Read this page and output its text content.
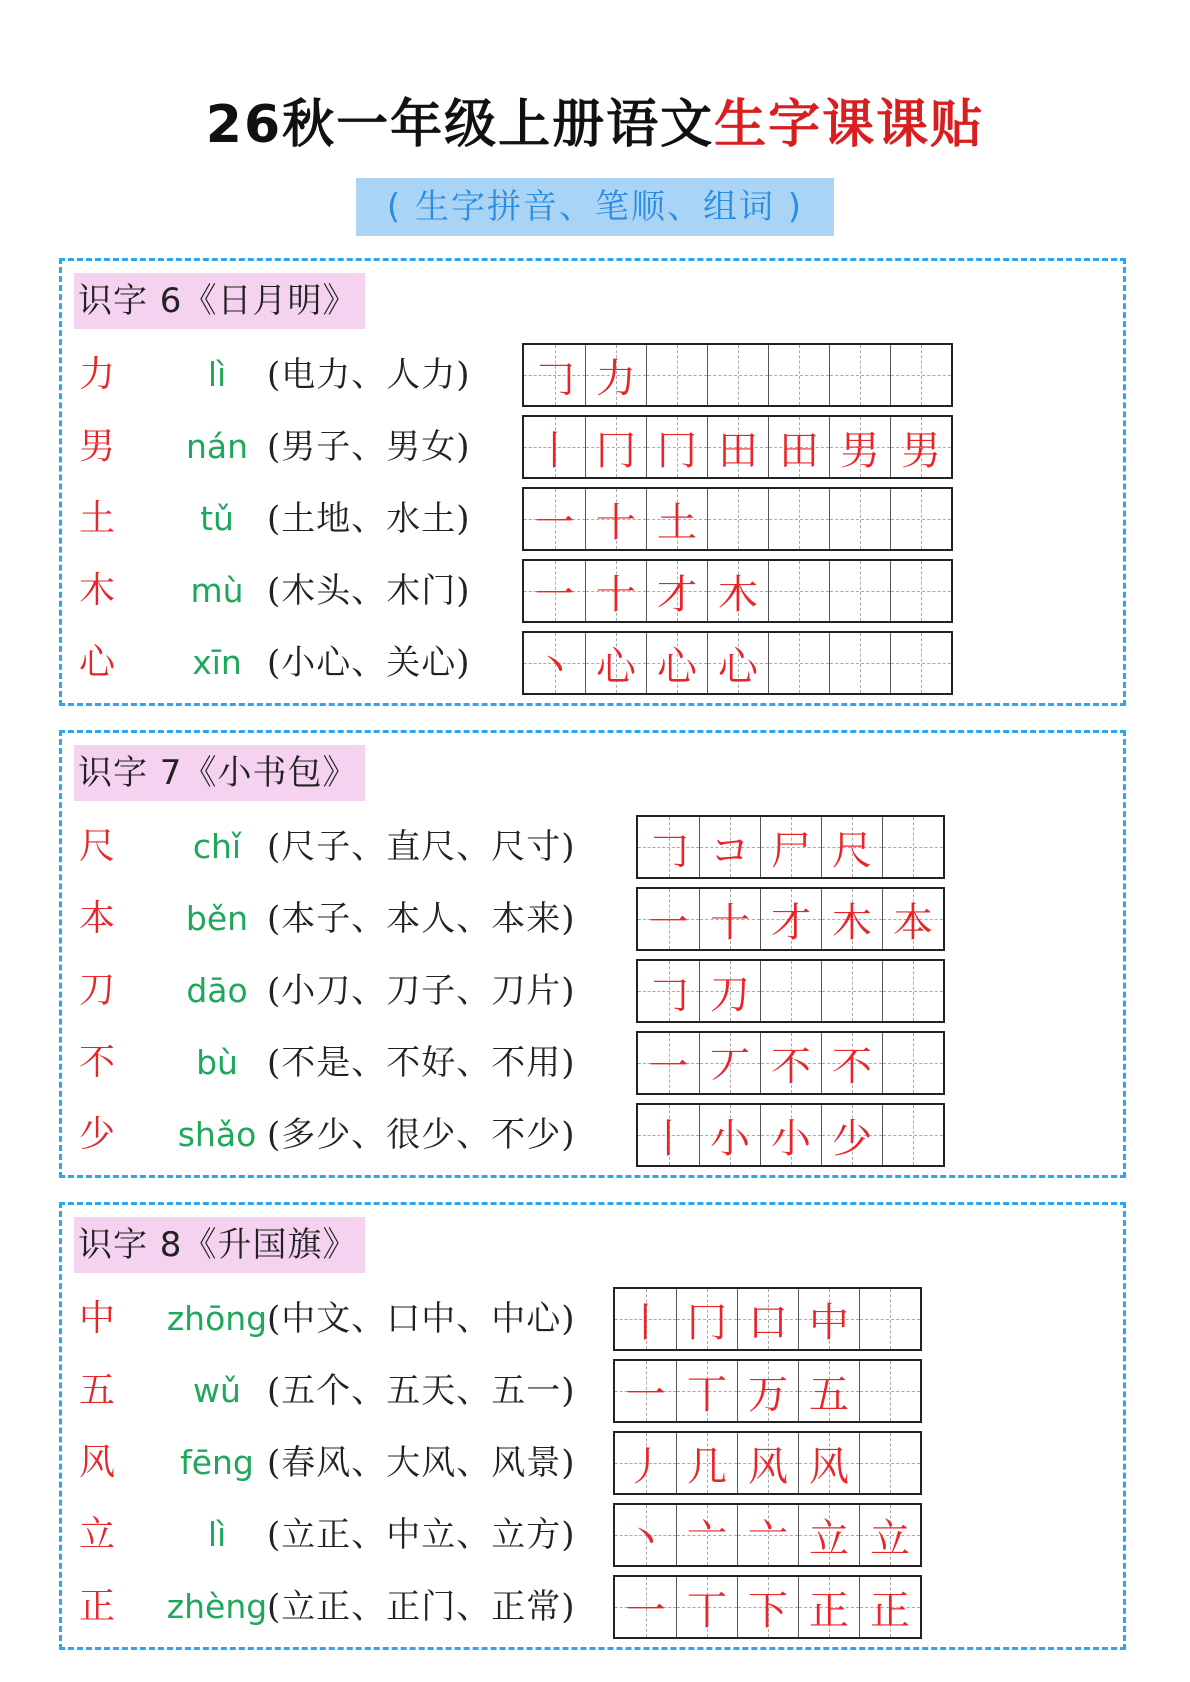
26秋一年级上册语文生字课课贴
( 生字拼音、笔顺、组词 )
识字 6《日月明》
力	lì	(电力、人力) 𠃌 力
男	nán (男子、男女) 丨 冂 冂 田 田 男 男
土	tǔ (土地、水土) 一 十 土
木	mù (木头、木门) 一 十 才 木
心	xīn (小心、关心) 丶 心 心 心
识字 7《小书包》
尺	chǐ (尺子、直尺、尺寸) 𠃌 コ 尸 尺
本	běn (本子、本人、本来) 一 十 才 木 本
刀	dāo (小刀、刀子、刀片) 𠃌 刀
不	bù (不是、不好、不用) 一 丆 不 不
少	shǎo (多少、很少、不少) 丨 小 小 少
识字 8《升国旗》
中	zhōng (中文、口中、中心) 丨 冂 口 中
五	wǔ (五个、五天、五一) 一 丅 万 五
风	fēng (春风、大风、风景) 丿 几 风 风
立	lì	(立正、中立、立方) 丶 亠 亠 立 立
正	zhèng (立正、正门、正常) 一 丅 下 正 正
